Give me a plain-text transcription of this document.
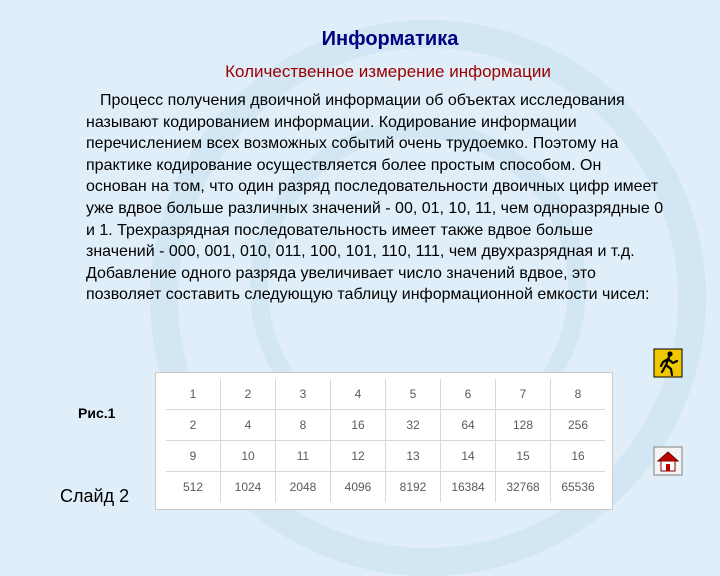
Информатика
Количественное измерение информации
Процесс получения двоичной информации об объектах исследования называют кодированием информации. Кодирование информации перечислением всех возможных событий очень трудоемко. Поэтому на практике кодирование осуществляется более простым способом. Он основан на том, что один разряд последовательности двоичных цифр имеет уже вдвое больше различных значений - 00, 01, 10, 11, чем одноразрядные 0 и 1. Трехразрядная последовательность имеет также вдвое больше значений - 000, 001, 010, 011, 100, 101, 110, 111, чем двухразрядная и т.д. Добавление одного разряда увеличивает число значений вдвое, это позволяет составить следующую таблицу информационной емкости чисел:
1	2	3	4	5	6	7	8
2	4	8	16	32	64	128	256
9	10	11	12	13	14	15	16
512	1024	2048	4096	8192	16384	32768	65536
Рис.1
Слайд 2
